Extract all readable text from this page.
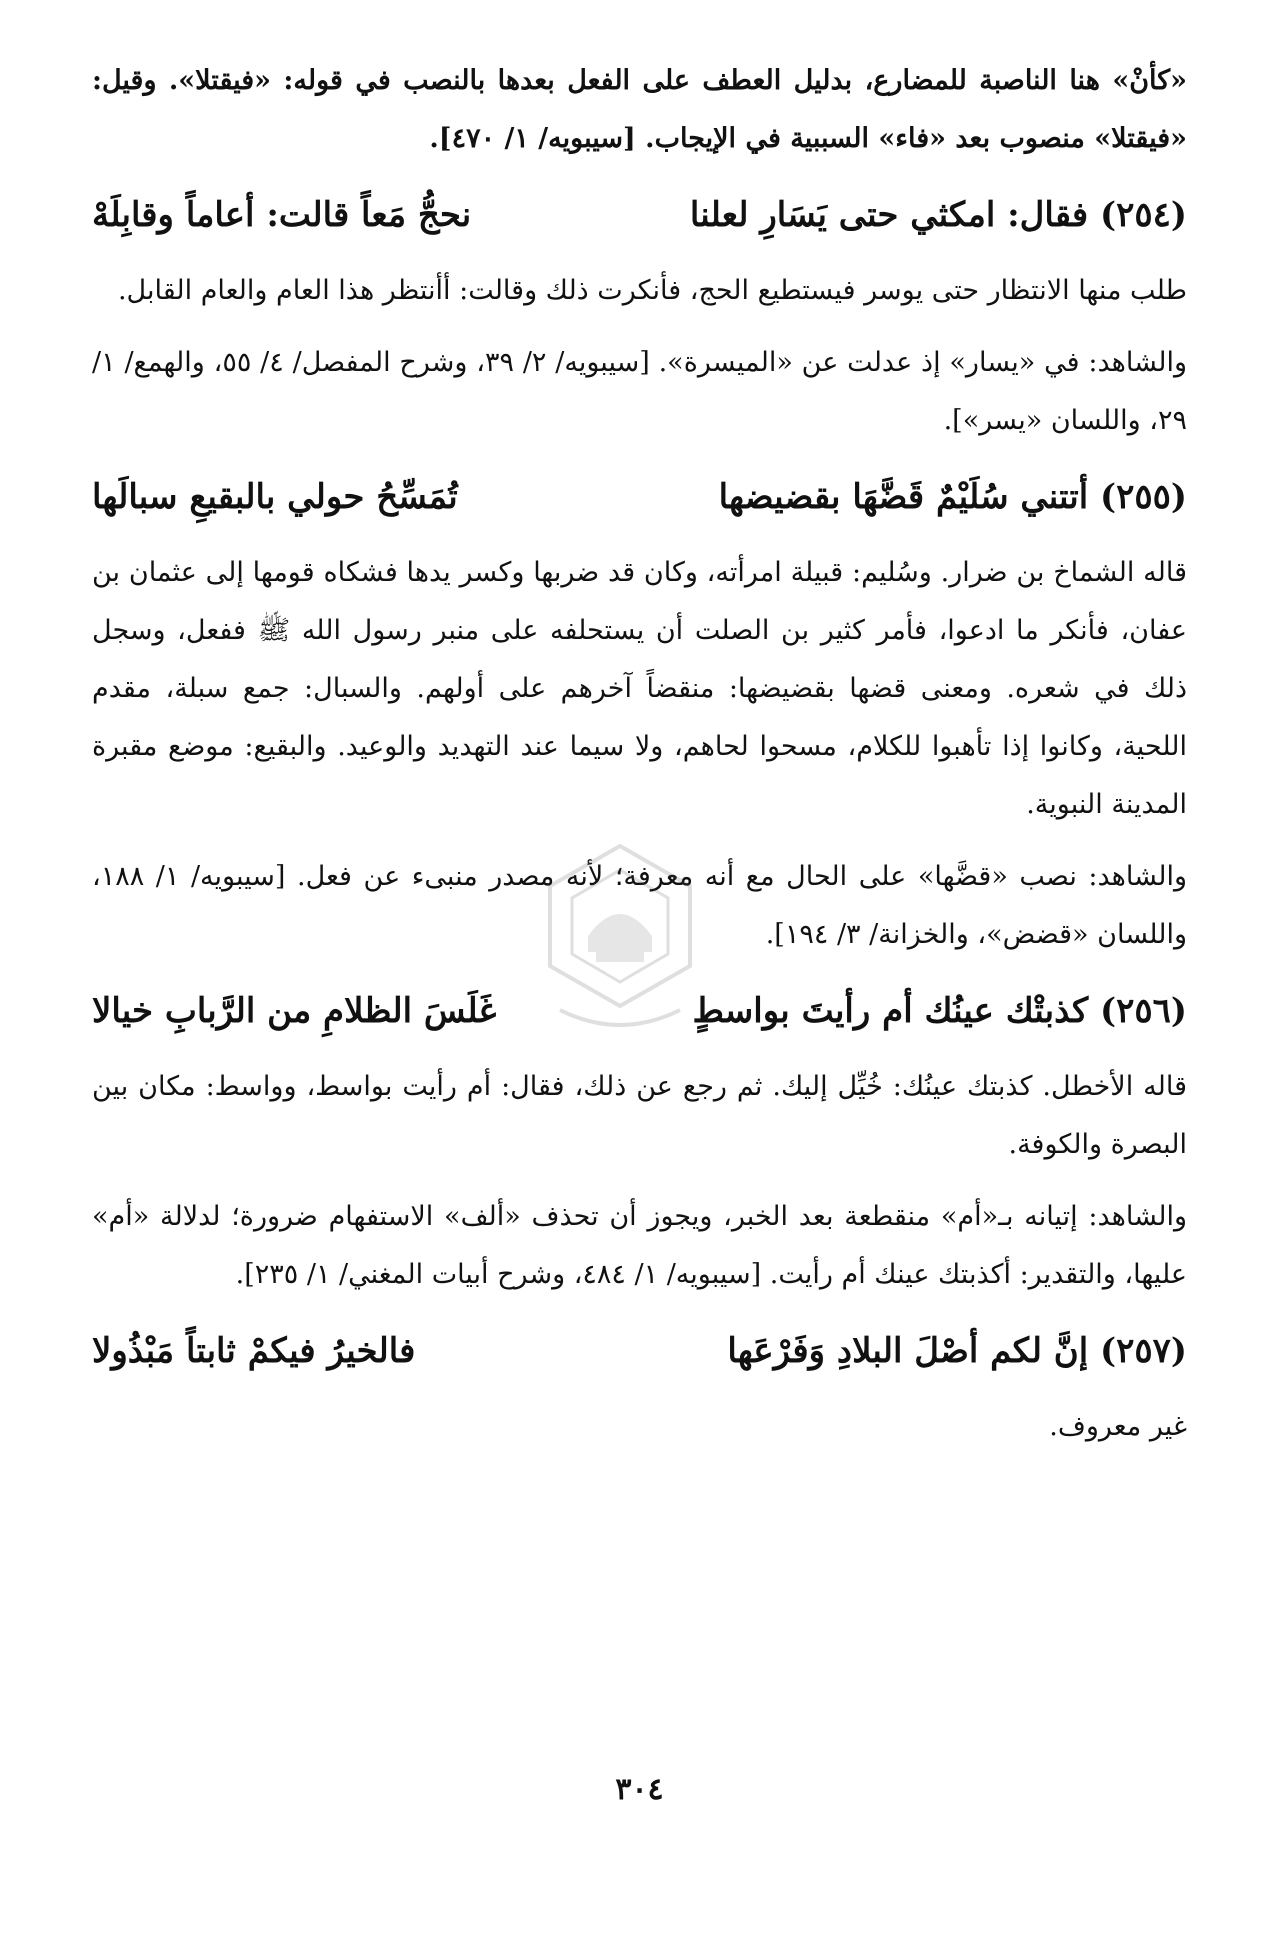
«كأنْ» هنا الناصبة للمضارع، بدليل العطف على الفعل بعدها بالنصب في قوله: «فيقتلا». وقيل: «فيقتلا» منصوب بعد «فاء» السببية في الإيجاب. [سيبويه/ ١/ ٤٧٠].

(٢٥٤) فقال: امكثي حتى يَسَارِ لعلنا
نحجُّ مَعاً قالت: أعاماً وقابِلَهْ

طلب منها الانتظار حتى يوسر فيستطيع الحج، فأنكرت ذلك وقالت: أأنتظر هذا العام والعام القابل.

والشاهد: في «يسار» إذ عدلت عن «الميسرة». [سيبويه/ ٢/ ٣٩، وشرح المفصل/ ٤/ ٥٥، والهمع/ ١/ ٢٩، واللسان «يسر»].

(٢٥٥) أتتني سُلَيْمٌ قَضَّهَا بقضيضها
تُمَسِّحُ حولي بالبقيعِ سبالَها

قاله الشماخ بن ضرار. وسُليم: قبيلة امرأته، وكان قد ضربها وكسر يدها فشكاه قومها إلى عثمان بن عفان، فأنكر ما ادعوا، فأمر كثير بن الصلت أن يستحلفه على منبر رسول الله ﷺ ففعل، وسجل ذلك في شعره. ومعنى قضها بقضيضها: منقضاً آخرهم على أولهم. والسبال: جمع سبلة، مقدم اللحية، وكانوا إذا تأهبوا للكلام، مسحوا لحاهم، ولا سيما عند التهديد والوعيد. والبقيع: موضع مقبرة المدينة النبوية.

والشاهد: نصب «قضَّها» على الحال مع أنه معرفة؛ لأنه مصدر منبىء عن فعل. [سيبويه/ ١/ ١٨٨، واللسان «قضض»، والخزانة/ ٣/ ١٩٤].

(٢٥٦) كذبتْك عينُك أم رأيتَ بواسطٍ
غَلَسَ الظلامِ من الرَّبابِ خيالا

قاله الأخطل. كذبتك عينُك: خُيِّل إليك. ثم رجع عن ذلك، فقال: أم رأيت بواسط، وواسط: مكان بين البصرة والكوفة.

والشاهد: إتيانه بـ«أم» منقطعة بعد الخبر، ويجوز أن تحذف «ألف» الاستفهام ضرورة؛ لدلالة «أم» عليها، والتقدير: أكذبتك عينك أم رأيت. [سيبويه/ ١/ ٤٨٤، وشرح أبيات المغني/ ١/ ٢٣٥].

(٢٥٧) إنَّ لكم أصْلَ البلادِ وَفَرْعَها
فالخيرُ فيكمْ ثابتاً مَبْذُولا

غير معروف.

٣٠٤
